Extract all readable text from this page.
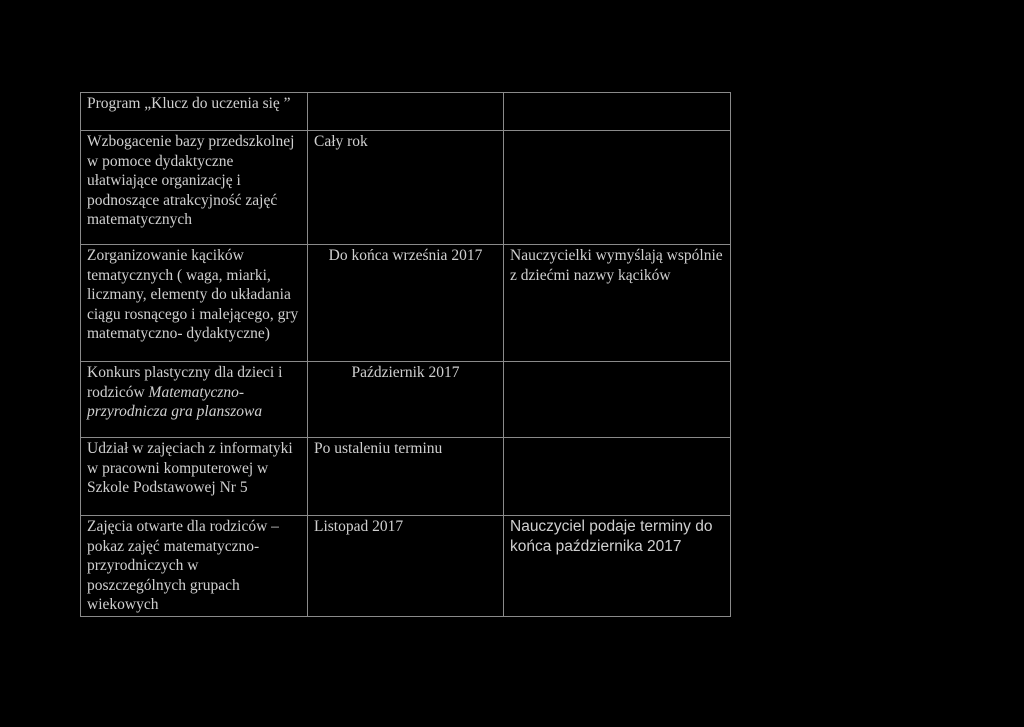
Program „Klucz do uczenia się ”		
Wzbogacenie bazy przedszkolnej w pomoce dydaktyczne ułatwiające organizację i podnoszące atrakcyjność zajęć matematycznych	Cały rok	
Zorganizowanie kącików tematycznych ( waga, miarki, liczmany, elementy do układania ciągu rosnącego i malejącego, gry matematyczno- dydaktyczne)	Do końca września 2017	Nauczycielki wymyślają wspólnie z dziećmi nazwy kącików
Konkurs plastyczny dla dzieci i rodziców Matematyczno-przyrodnicza gra planszowa	Październik 2017	
Udział w zajęciach z informatyki w pracowni komputerowej w Szkole Podstawowej Nr 5	Po ustaleniu terminu	
Zajęcia otwarte dla rodziców – pokaz zajęć matematyczno-przyrodniczych w poszczególnych grupach wiekowych	Listopad 2017	Nauczyciel podaje terminy do końca października 2017
